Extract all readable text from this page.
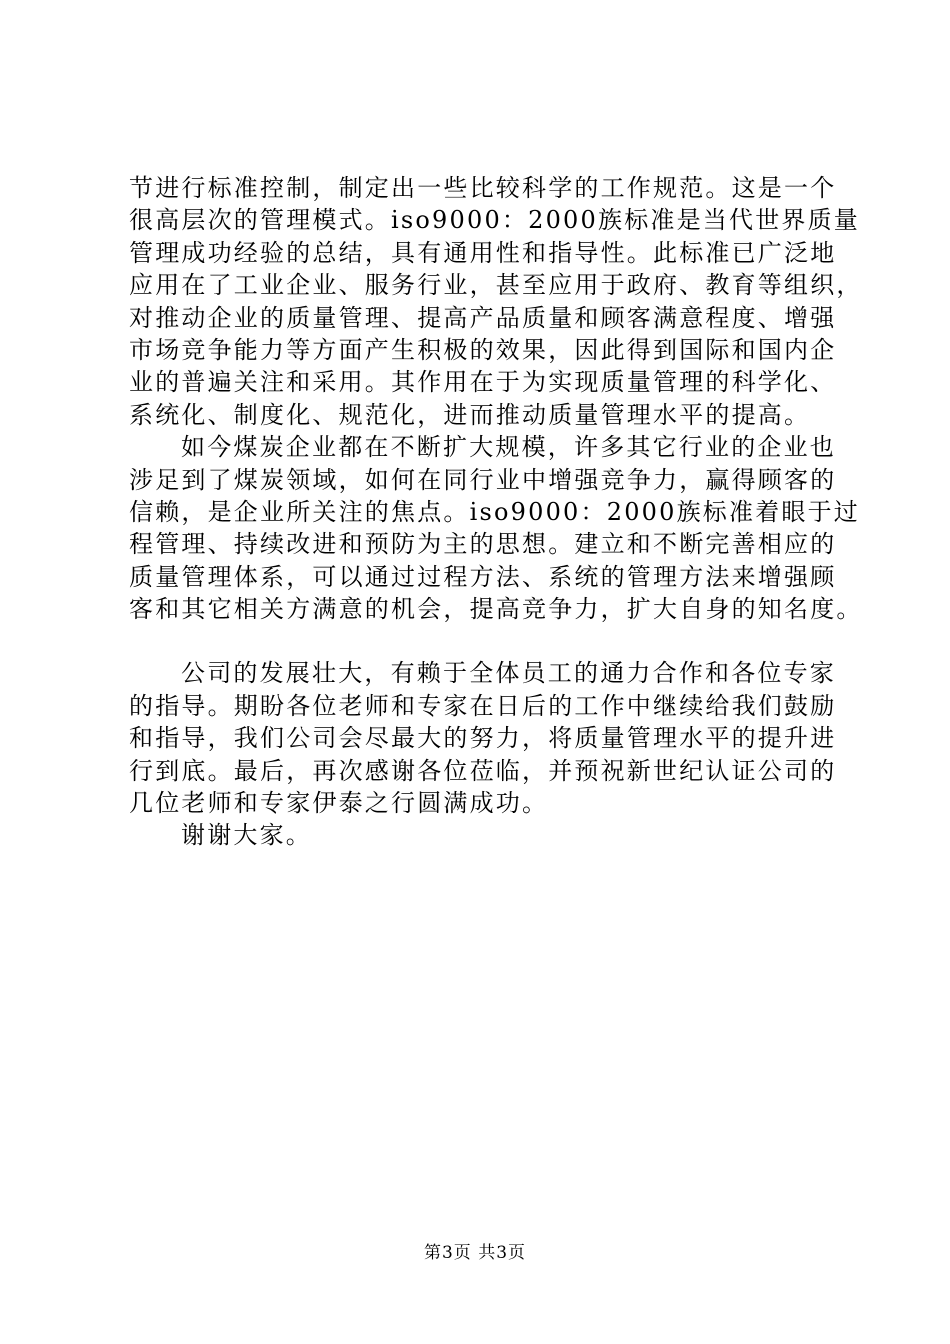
节进行标准控制，制定出一些比较科学的工作规范。这是一个
很高层次的管理模式。iso9000：2000族标准是当代世界质量
管理成功经验的总结，具有通用性和指导性。此标准已广泛地
应用在了工业企业、服务行业，甚至应用于政府、教育等组织，
对推动企业的质量管理、提高产品质量和顾客满意程度、增强
市场竞争能力等方面产生积极的效果，因此得到国际和国内企
业的普遍关注和采用。其作用在于为实现质量管理的科学化、
系统化、制度化、规范化，进而推动质量管理水平的提高。
如今煤炭企业都在不断扩大规模，许多其它行业的企业也
涉足到了煤炭领域，如何在同行业中增强竞争力，赢得顾客的
信赖，是企业所关注的焦点。iso9000：2000族标准着眼于过
程管理、持续改进和预防为主的思想。建立和不断完善相应的
质量管理体系，可以通过过程方法、系统的管理方法来增强顾
客和其它相关方满意的机会，提高竞争力，扩大自身的知名度。
公司的发展壮大，有赖于全体员工的通力合作和各位专家
的指导。期盼各位老师和专家在日后的工作中继续给我们鼓励
和指导，我们公司会尽最大的努力，将质量管理水平的提升进
行到底。最后，再次感谢各位莅临，并预祝新世纪认证公司的
几位老师和专家伊泰之行圆满成功。
谢谢大家。
第3页 共3页
